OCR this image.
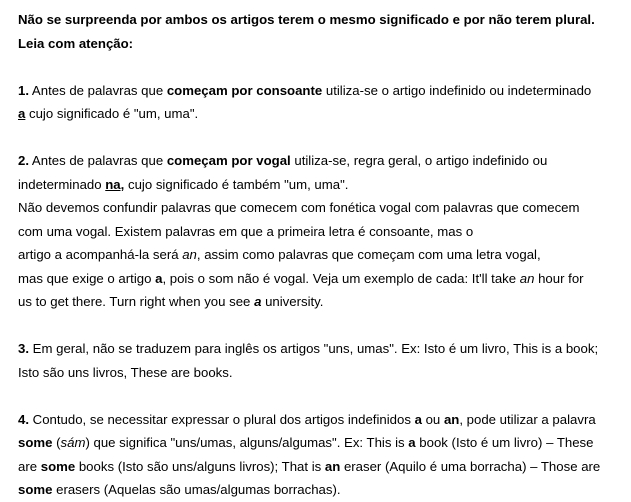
Não se surpreenda por ambos os artigos terem o mesmo significado e por não terem plural.

Leia com atenção:

1. Antes de palavras que começam por consoante utiliza-se o artigo indefinido ou indeterminado

a cujo significado é "um, uma".

2. Antes de palavras que começam por vogal utiliza-se, regra geral, o artigo indefinido ou

indeterminado na, cujo significado é também "um, uma".

Não devemos confundir palavras que comecem com fonética vogal com palavras que comecem

com uma vogal. Existem palavras em que a primeira letra é consoante, mas o

artigo a acompanhá-la será an, assim como palavras que começam com uma letra vogal,

mas que exige o artigo a, pois o som não é vogal. Veja um exemplo de cada: It'll take an hour for

us to get there. Turn right when you see a university.

3. Em geral, não se traduzem para inglês os artigos "uns, umas". Ex: Isto é um livro, This is a book;

Isto são uns livros, These are books.

4. Contudo, se necessitar expressar o plural dos artigos indefinidos a ou an, pode utilizar a palavra

some (sám) que significa "uns/umas, alguns/algumas". Ex: This is a book (Isto é um livro) – These

are some books (Isto são uns/alguns livros); That is an eraser (Aquilo é uma borracha) – Those are

some erasers (Aquelas são umas/algumas borrachas).
